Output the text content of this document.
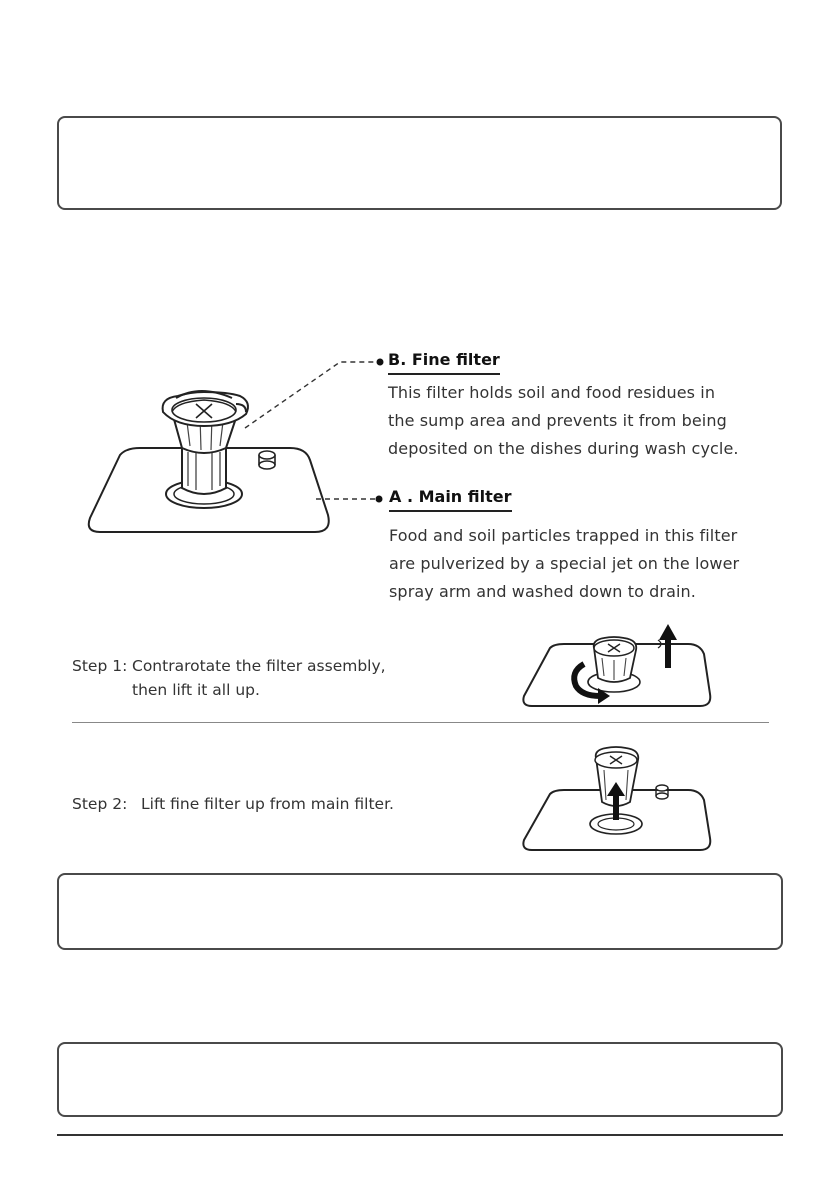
B. Fine filter
This filter holds soil and food residues in
the sump area and prevents it from being
deposited on the dishes during wash cycle.
A . Main filter
Food and soil particles trapped in this filter
are pulverized by a special jet on the lower
spray arm and washed down to drain.
Step 1: Contrarotate the filter assembly,
then lift it all up.
Step 2: Lift fine filter up from main filter.
